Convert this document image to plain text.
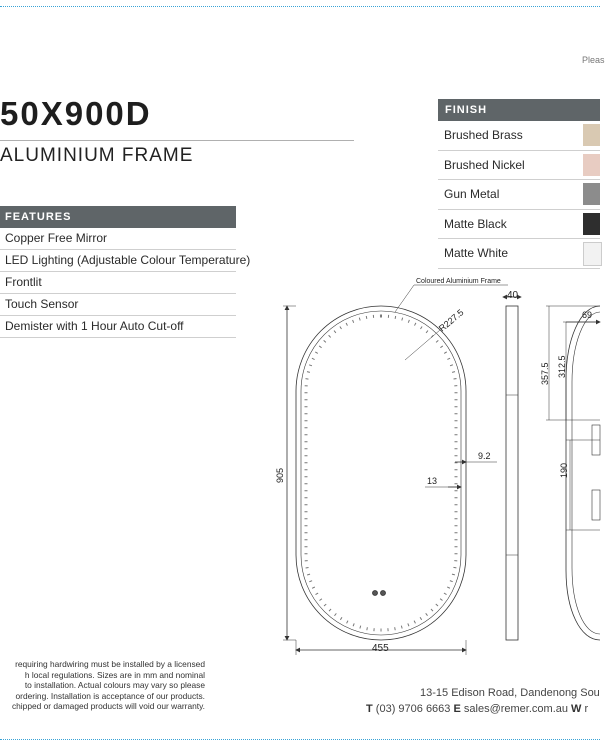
Pleas
50X900D
ALUMINIUM FRAME
FEATURES
Copper Free Mirror
LED Lighting (Adjustable Colour Temperature)
Frontlit
Touch Sensor
Demister with 1 Hour Auto Cut-off
FINISH
Brushed Brass
Brushed Nickel
Gun Metal
Matte Black
Matte White
Coloured Aluminium Frame
R227.5
905
455
40
9.2
13
69
357.5 312.5
190
requiring hardwiring must be installed by a licensed
h local regulations. Sizes are in mm and nominal
to installation. Actual colours may vary so please
ordering. Installation is acceptance of our products.
chipped or damaged products will void our warranty.
13-15 Edison Road, Dandenong Sou
T (03) 9706 6663 E sales@remer.com.au W r
